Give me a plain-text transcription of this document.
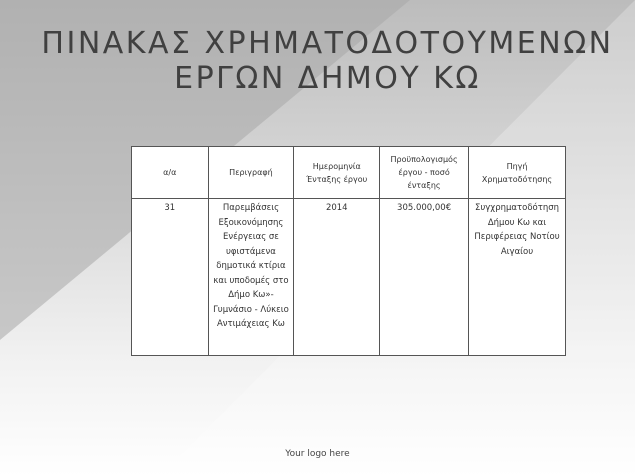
ΠΙΝΑΚΑΣ ΧΡΗΜΑΤΟΔΟΤΟΥΜΕΝΩΝ
ΕΡΓΩΝ ΔΗΜΟΥ ΚΩ
α/α	Περιγραφή	Ημερομηνία Ένταξης έργου	Προϋπολογισμός έργου - ποσό ένταξης	Πηγή Χρηματοδότησης
31	Παρεμβάσεις Εξοικονόμησης Ενέργειας σε υφιστάμενα δημοτικά κτίρια και υποδομές στο Δήμο Κω»- Γυμνάσιο - Λύκειο Αντιμάχειας Κω	2014	305.000,00€	Συγχρηματοδότηση Δήμου Κω και Περιφέρειας Νοτίου Αιγαίου
Your logo here
